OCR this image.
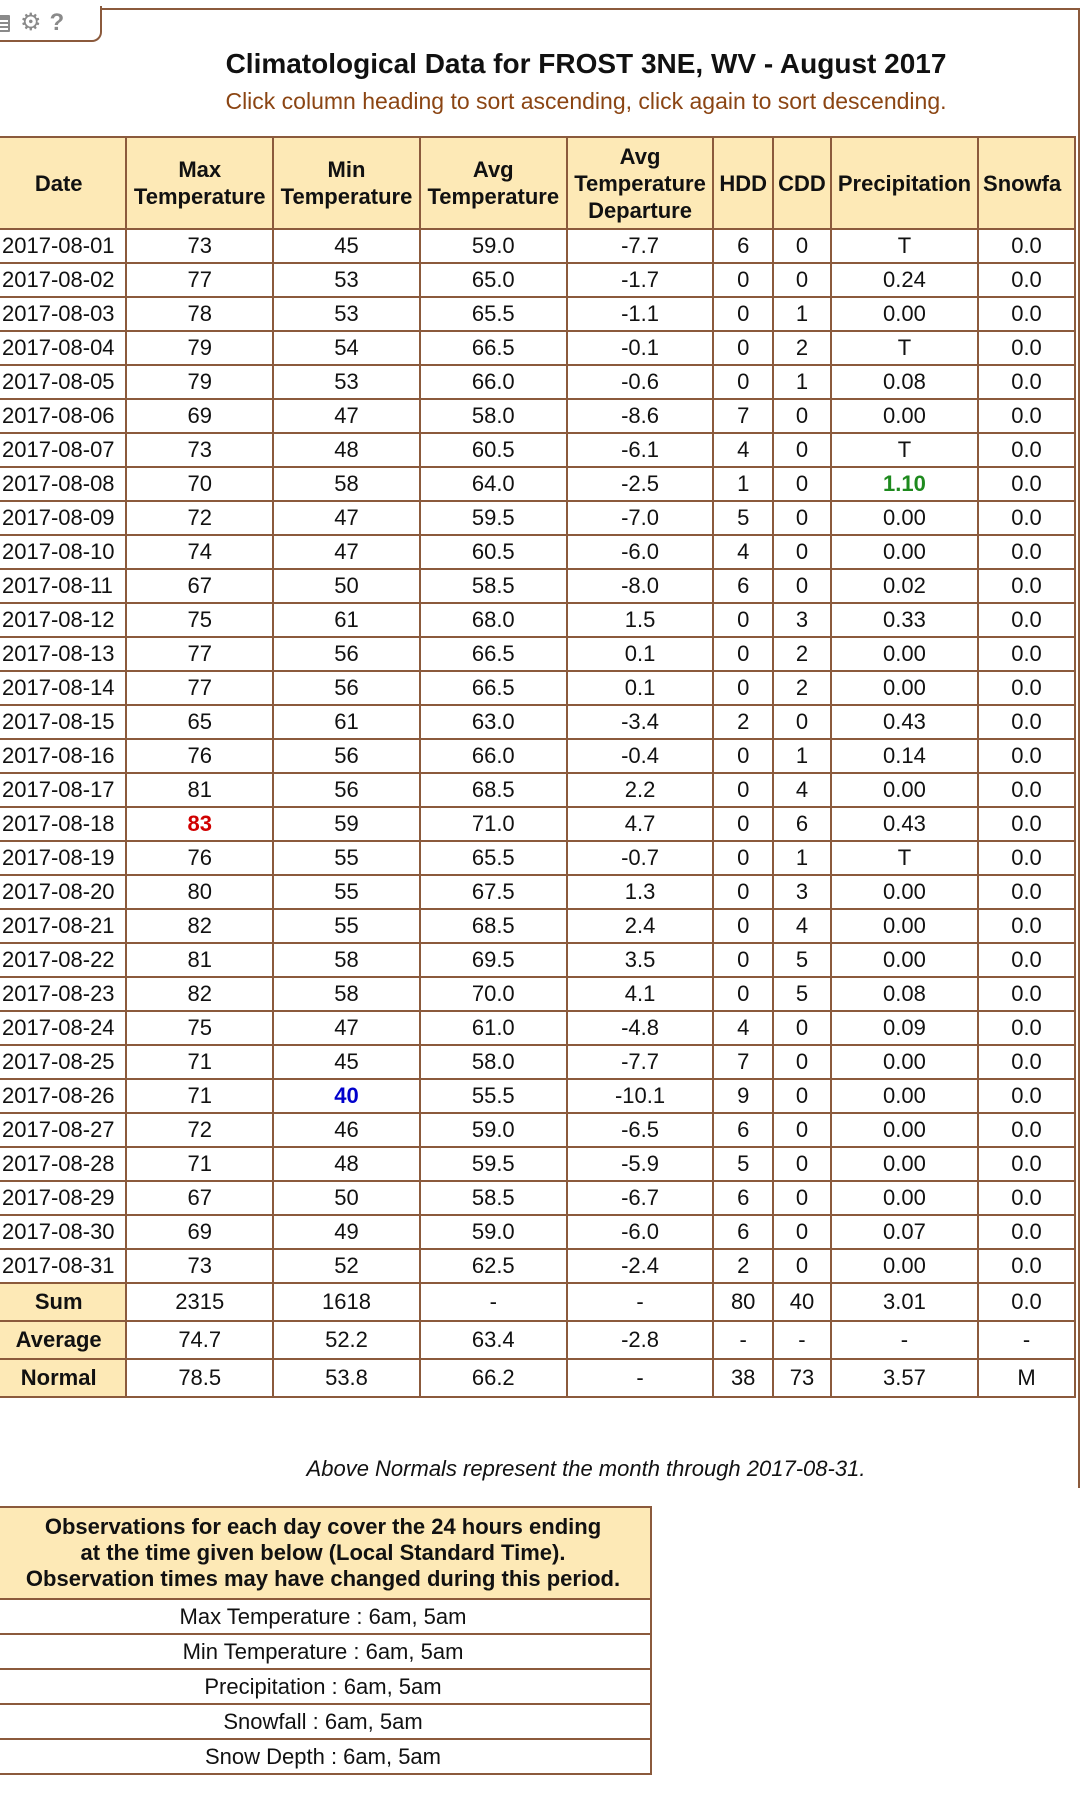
⚙ ?
Climatological Data for FROST 3NE, WV - August 2017
Click column heading to sort ascending, click again to sort descending.
Date	Max Temperature	Min Temperature	Avg Temperature	Avg Temperature Departure	HDD	CDD	Precipitation	Snowfa
2017-08-01	73	45	59.0	-7.7	6	0	T	0.0
2017-08-02	77	53	65.0	-1.7	0	0	0.24	0.0
2017-08-03	78	53	65.5	-1.1	0	1	0.00	0.0
2017-08-04	79	54	66.5	-0.1	0	2	T	0.0
2017-08-05	79	53	66.0	-0.6	0	1	0.08	0.0
2017-08-06	69	47	58.0	-8.6	7	0	0.00	0.0
2017-08-07	73	48	60.5	-6.1	4	0	T	0.0
2017-08-08	70	58	64.0	-2.5	1	0	1.10	0.0
2017-08-09	72	47	59.5	-7.0	5	0	0.00	0.0
2017-08-10	74	47	60.5	-6.0	4	0	0.00	0.0
2017-08-11	67	50	58.5	-8.0	6	0	0.02	0.0
2017-08-12	75	61	68.0	1.5	0	3	0.33	0.0
2017-08-13	77	56	66.5	0.1	0	2	0.00	0.0
2017-08-14	77	56	66.5	0.1	0	2	0.00	0.0
2017-08-15	65	61	63.0	-3.4	2	0	0.43	0.0
2017-08-16	76	56	66.0	-0.4	0	1	0.14	0.0
2017-08-17	81	56	68.5	2.2	0	4	0.00	0.0
2017-08-18	83	59	71.0	4.7	0	6	0.43	0.0
2017-08-19	76	55	65.5	-0.7	0	1	T	0.0
2017-08-20	80	55	67.5	1.3	0	3	0.00	0.0
2017-08-21	82	55	68.5	2.4	0	4	0.00	0.0
2017-08-22	81	58	69.5	3.5	0	5	0.00	0.0
2017-08-23	82	58	70.0	4.1	0	5	0.08	0.0
2017-08-24	75	47	61.0	-4.8	4	0	0.09	0.0
2017-08-25	71	45	58.0	-7.7	7	0	0.00	0.0
2017-08-26	71	40	55.5	-10.1	9	0	0.00	0.0
2017-08-27	72	46	59.0	-6.5	6	0	0.00	0.0
2017-08-28	71	48	59.5	-5.9	5	0	0.00	0.0
2017-08-29	67	50	58.5	-6.7	6	0	0.00	0.0
2017-08-30	69	49	59.0	-6.0	6	0	0.07	0.0
2017-08-31	73	52	62.5	-2.4	2	0	0.00	0.0
Sum	2315	1618	-	-	80	40	3.01	0.0
Average	74.7	52.2	63.4	-2.8	-	-	-	-
Normal	78.5	53.8	66.2	-	38	73	3.57	M
Above Normals represent the month through 2017-08-31.
Observations for each day cover the 24 hours ending
at the time given below (Local Standard Time).
Observation times may have changed during this period.

Max Temperature : 6am, 5am
Min Temperature : 6am, 5am
Precipitation : 6am, 5am
Snowfall : 6am, 5am
Snow Depth : 6am, 5am
